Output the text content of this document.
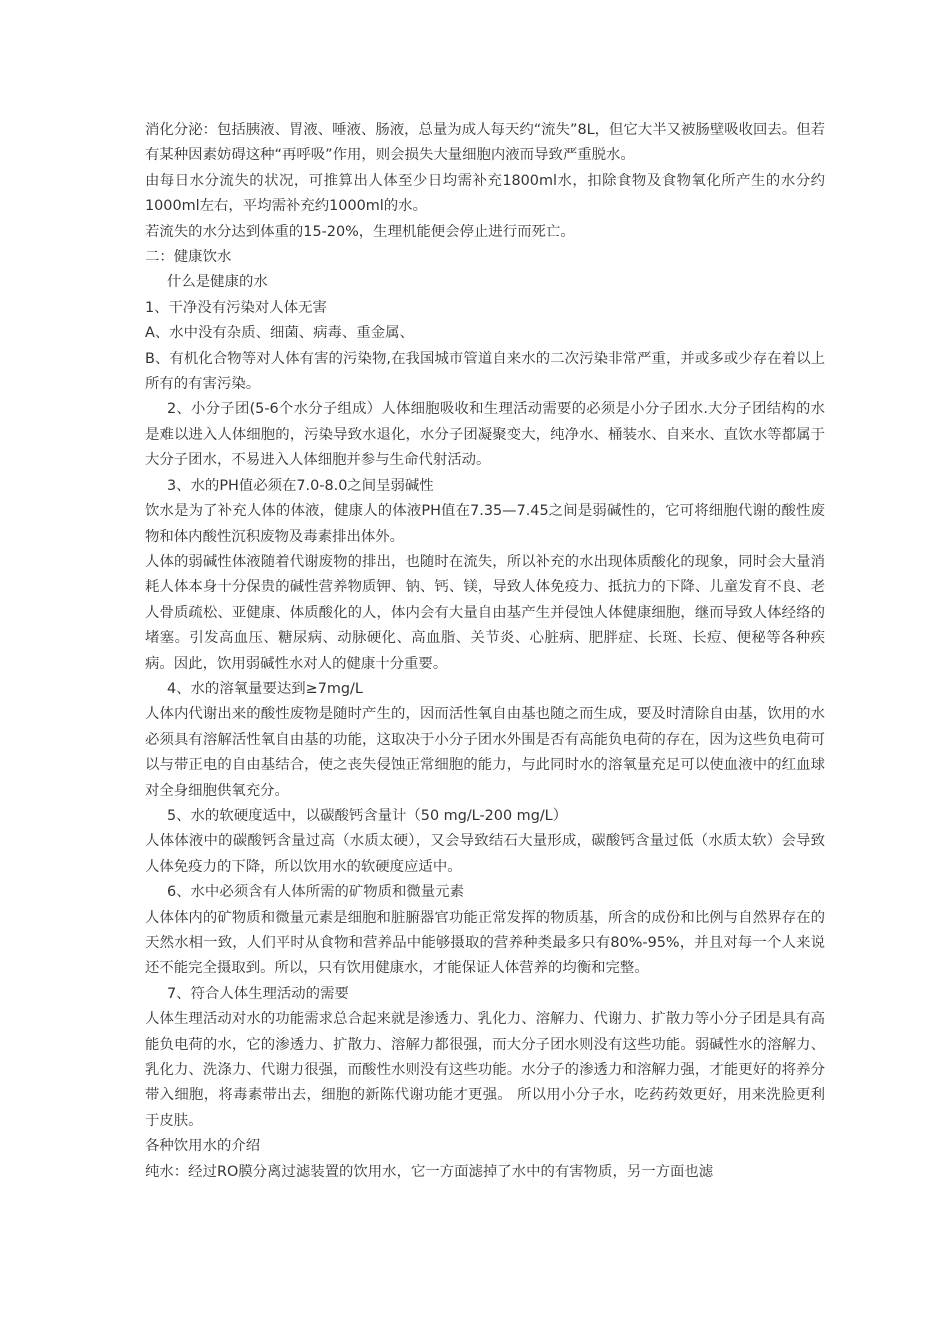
消化分泌：包括胰液、胃液、唾液、肠液，总量为成人每天约“流失”8L，但它大半又被肠壁吸收回去。但若有某种因素妨碍这种“再呼吸”作用，则会损失大量细胞内液而导致严重脱水。

由每日水分流失的状况，可推算出人体至少日均需补充1800ml水，扣除食物及食物氧化所产生的水分约1000ml左右，平均需补充约1000ml的水。

若流失的水分达到体重的15-20%，生理机能便会停止进行而死亡。

二：健康饮水

什么是健康的水

1、干净没有污染对人体无害

A、水中没有杂质、细菌、病毒、重金属、

B、有机化合物等对人体有害的污染物,在我国城市管道自来水的二次污染非常严重，并或多或少存在着以上所有的有害污染。

2、小分子团(5-6个水分子组成）人体细胞吸收和生理活动需要的必须是小分子团水.大分子团结构的水是难以进入人体细胞的，污染导致水退化，水分子团凝聚变大，纯净水、桶装水、自来水、直饮水等都属于大分子团水，不易进入人体细胞并参与生命代射活动。

3、水的PH值必须在7.0-8.0之间呈弱碱性

饮水是为了补充人体的体液，健康人的体液PH值在7.35—7.45之间是弱碱性的，它可将细胞代谢的酸性废物和体内酸性沉积废物及毒素排出体外。

人体的弱碱性体液随着代谢废物的排出，也随时在流失，所以补充的水出现体质酸化的现象，同时会大量消耗人体本身十分保贵的碱性营养物质钾、钠、钙、镁，导致人体免疫力、抵抗力的下降、儿童发育不良、老人骨质疏松、亚健康、体质酸化的人，体内会有大量自由基产生并侵蚀人体健康细胞，继而导致人体经络的堵塞。引发高血压、糖尿病、动脉硬化、高血脂、关节炎、心脏病、肥胖症、长斑、长痘、便秘等各种疾病。因此，饮用弱碱性水对人的健康十分重要。

4、水的溶氧量要达到≥7mg/L

人体内代谢出来的酸性废物是随时产生的，因而活性氧自由基也随之而生成，要及时清除自由基，饮用的水必须具有溶解活性氧自由基的功能，这取决于小分子团水外围是否有高能负电荷的存在，因为这些负电荷可以与带正电的自由基结合，使之丧失侵蚀正常细胞的能力，与此同时水的溶氧量充足可以使血液中的红血球对全身细胞供氧充分。

5、水的软硬度适中，以碳酸钙含量计（50 mg/L-200 mg/L）

人体体液中的碳酸钙含量过高（水质太硬），又会导致结石大量形成，碳酸钙含量过低（水质太软）会导致人体免疫力的下降，所以饮用水的软硬度应适中。

6、水中必须含有人体所需的矿物质和微量元素

人体体内的矿物质和微量元素是细胞和脏腑器官功能正常发挥的物质基，所含的成份和比例与自然界存在的天然水相一致，人们平时从食物和营养品中能够摄取的营养种类最多只有80%-95%，并且对每一个人来说还不能完全摄取到。所以，只有饮用健康水，才能保证人体营养的均衡和完整。

7、符合人体生理活动的需要

人体生理活动对水的功能需求总合起来就是渗透力、乳化力、溶解力、代谢力、扩散力等小分子团是具有高能负电荷的水，它的渗透力、扩散力、溶解力都很强，而大分子团水则没有这些功能。弱碱性水的溶解力、乳化力、洗涤力、代谢力很强，而酸性水则没有这些功能。水分子的渗透力和溶解力强，才能更好的将养分带入细胞，将毒素带出去，细胞的新陈代谢功能才更强。 所以用小分子水，吃药药效更好，用来洗脸更利于皮肤。

各种饮用水的介绍

纯水：经过RO膜分离过滤装置的饮用水，它一方面滤掉了水中的有害物质，另一方面也滤
